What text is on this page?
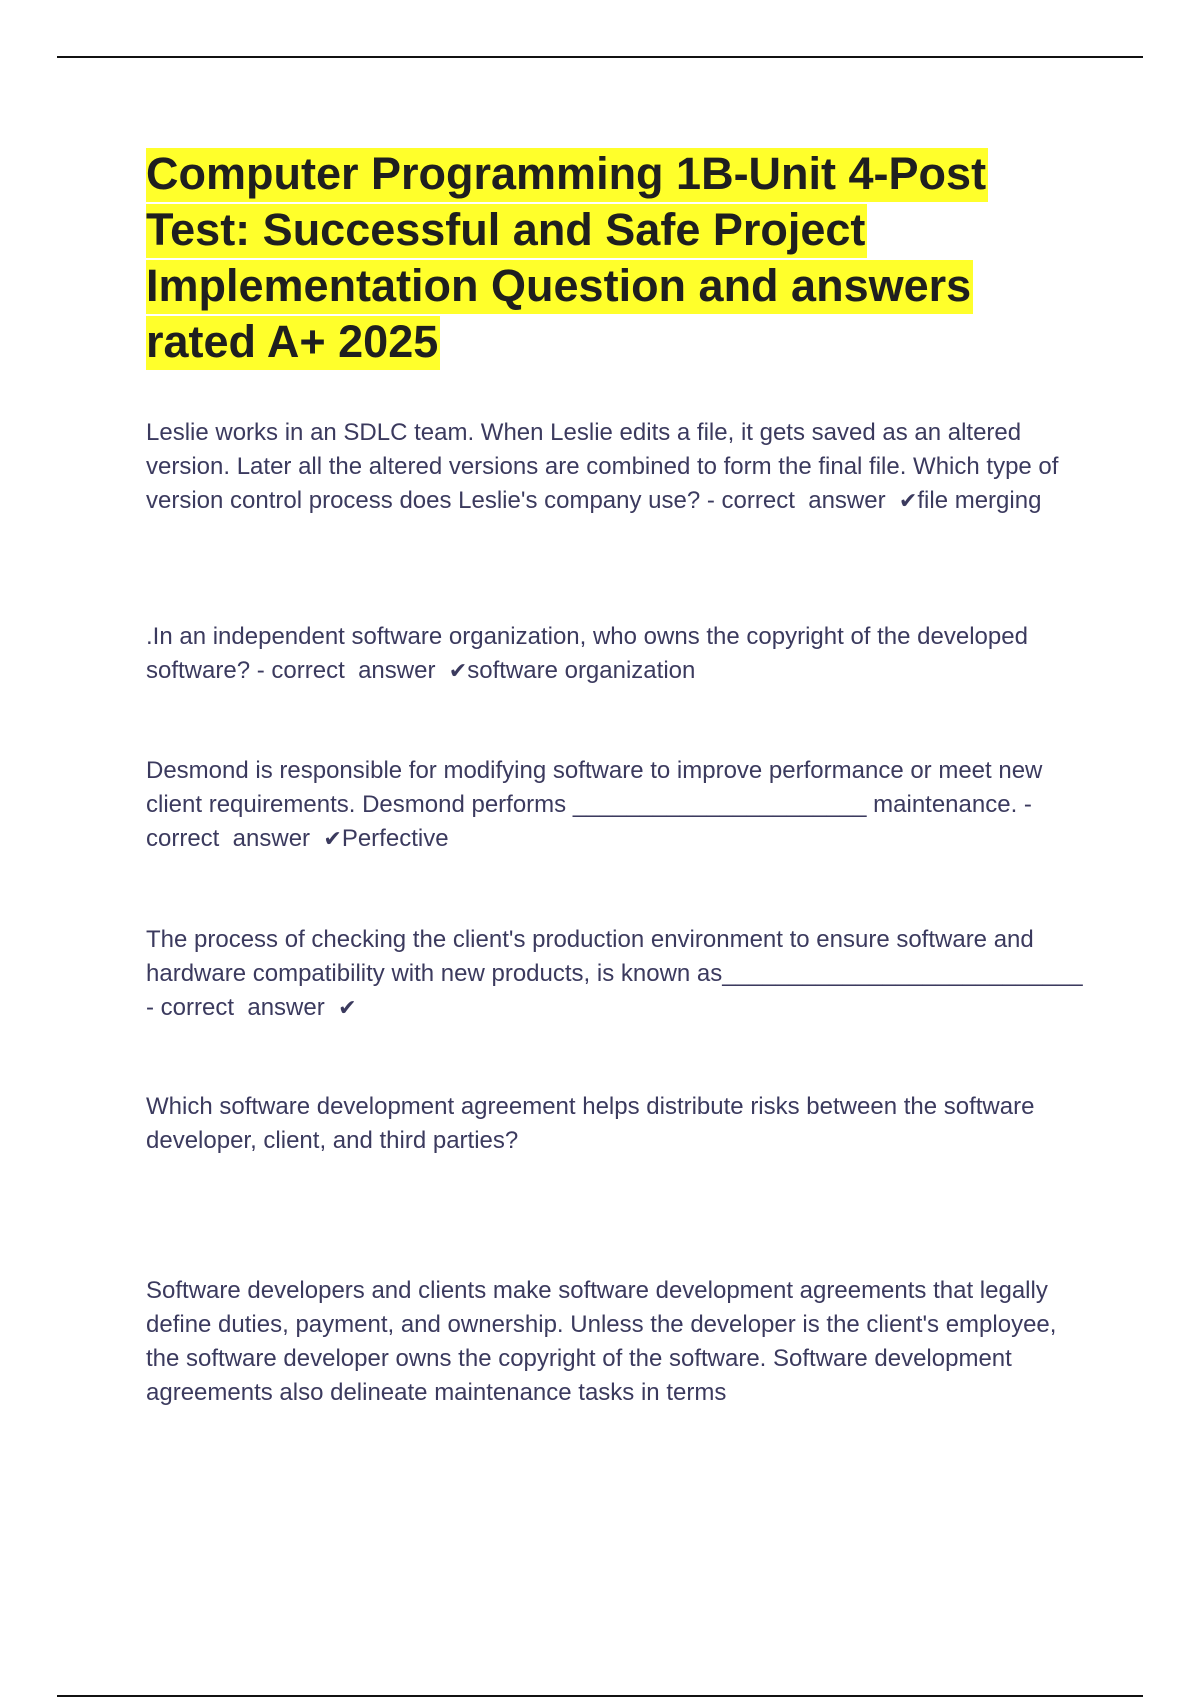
Computer Programming 1B-Unit 4-Post Test: Successful and Safe Project Implementation Question and answers rated A+ 2025

Leslie works in an SDLC team. When Leslie edits a file, it gets saved as an altered version. Later all the altered versions are combined to form the final file. Which type of version control process does Leslie's company use? - correct  answer  ✔file merging

.In an independent software organization, who owns the copyright of the developed software? - correct  answer  ✔software organization

Desmond is responsible for modifying software to improve performance or meet new client requirements. Desmond performs ______________________ maintenance. - correct  answer  ✔Perfective

The process of checking the client's production environment to ensure software and hardware compatibility with new products, is known as___________________________ - correct  answer  ✔

Which software development agreement helps distribute risks between the software developer, client, and third parties?

Software developers and clients make software development agreements that legally define duties, payment, and ownership. Unless the developer is the client's employee, the software developer owns the copyright of the software. Software development agreements also delineate maintenance tasks in terms
